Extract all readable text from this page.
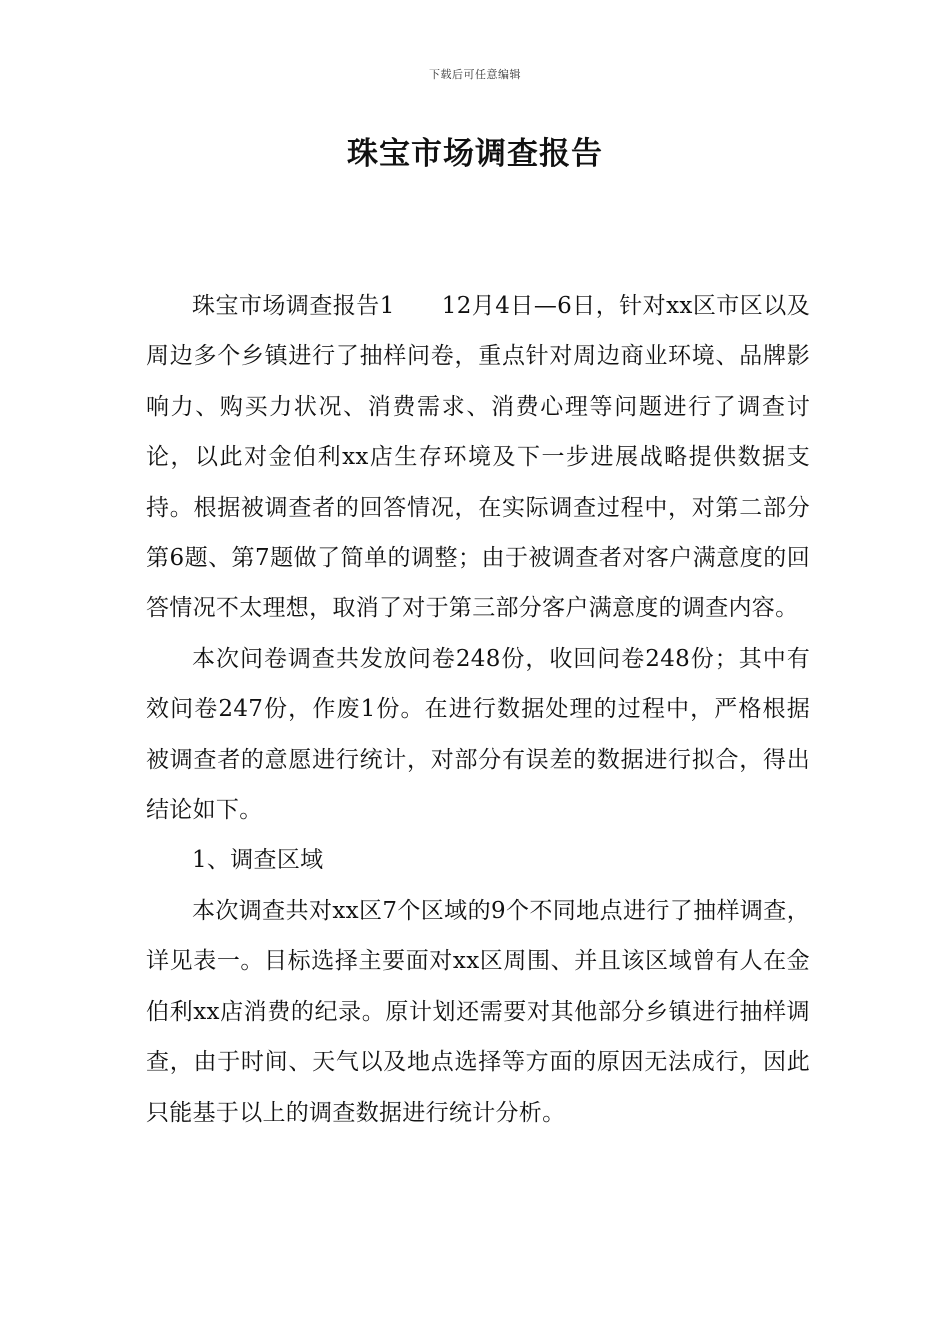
下载后可任意编辑
珠宝市场调查报告

珠宝市场调查报告1　　12月4日—6日，针对xx区市区以及周边多个乡镇进行了抽样问卷，重点针对周边商业环境、品牌影响力、购买力状况、消费需求、消费心理等问题进行了调查讨论，以此对金伯利xx店生存环境及下一步进展战略提供数据支持。根据被调查者的回答情况，在实际调查过程中，对第二部分第6题、第7题做了简单的调整；由于被调查者对客户满意度的回答情况不太理想，取消了对于第三部分客户满意度的调查内容。

本次问卷调查共发放问卷248份，收回问卷248份；其中有效问卷247份，作废1份。在进行数据处理的过程中，严格根据被调查者的意愿进行统计，对部分有误差的数据进行拟合，得出结论如下。

1、调查区域

本次调查共对xx区7个区域的9个不同地点进行了抽样调查，详见表一。目标选择主要面对xx区周围、并且该区域曾有人在金伯利xx店消费的纪录。原计划还需要对其他部分乡镇进行抽样调查，由于时间、天气以及地点选择等方面的原因无法成行，因此只能基于以上的调查数据进行统计分析。
